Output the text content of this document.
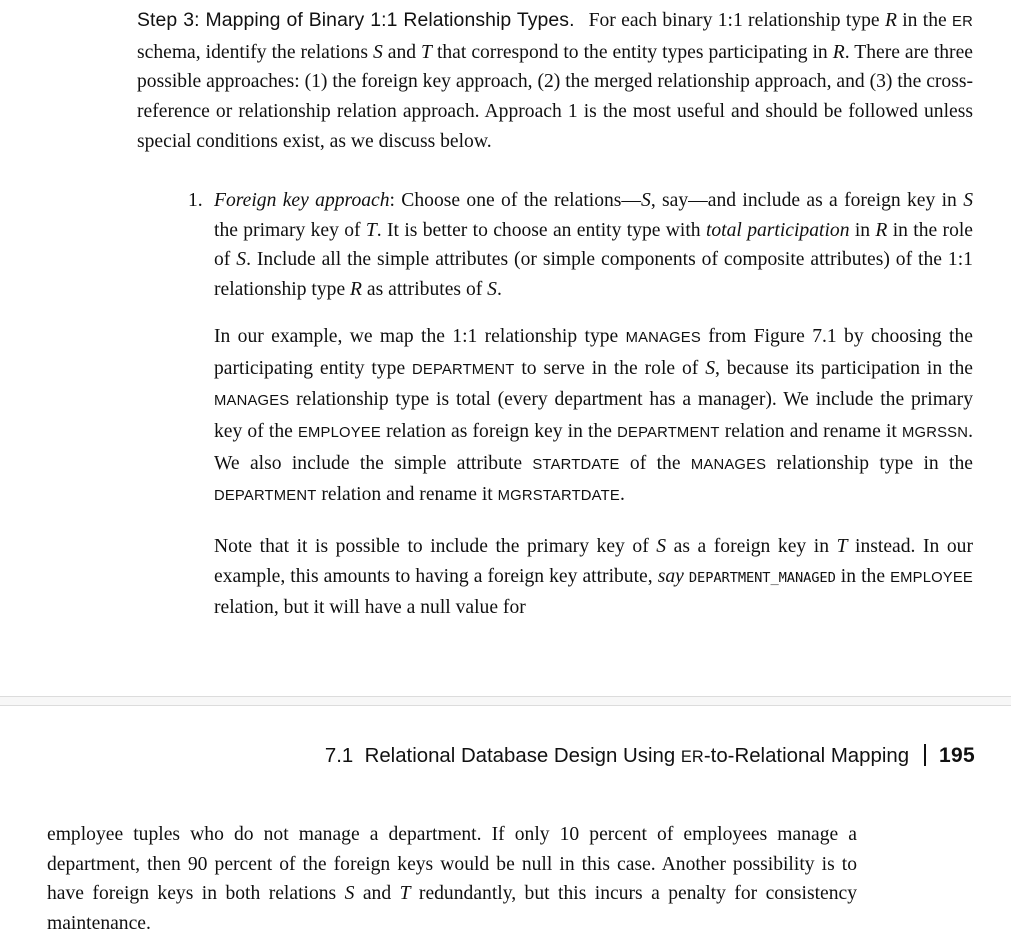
Step 3: Mapping of Binary 1:1 Relationship Types. For each binary 1:1 relationship type R in the ER schema, identify the relations S and T that correspond to the entity types participating in R. There are three possible approaches: (1) the foreign key approach, (2) the merged relationship approach, and (3) the cross-reference or relationship relation approach. Approach 1 is the most useful and should be followed unless special conditions exist, as we discuss below.
1. Foreign key approach: Choose one of the relations—S, say—and include as a foreign key in S the primary key of T. It is better to choose an entity type with total participation in R in the role of S. Include all the simple attributes (or simple components of composite attributes) of the 1:1 relationship type R as attributes of S.
In our example, we map the 1:1 relationship type MANAGES from Figure 7.1 by choosing the participating entity type DEPARTMENT to serve in the role of S, because its participation in the MANAGES relationship type is total (every department has a manager). We include the primary key of the EMPLOYEE relation as foreign key in the DEPARTMENT relation and rename it MGRSSN. We also include the simple attribute STARTDATE of the MANAGES relationship type in the DEPARTMENT relation and rename it MGRSTARTDATE.
Note that it is possible to include the primary key of S as a foreign key in T instead. In our example, this amounts to having a foreign key attribute, say DEPARTMENT_MANAGED in the EMPLOYEE relation, but it will have a null value for
7.1 Relational Database Design Using ER-to-Relational Mapping 195
employee tuples who do not manage a department. If only 10 percent of employees manage a department, then 90 percent of the foreign keys would be null in this case. Another possibility is to have foreign keys in both relations S and T redundantly, but this incurs a penalty for consistency maintenance.
